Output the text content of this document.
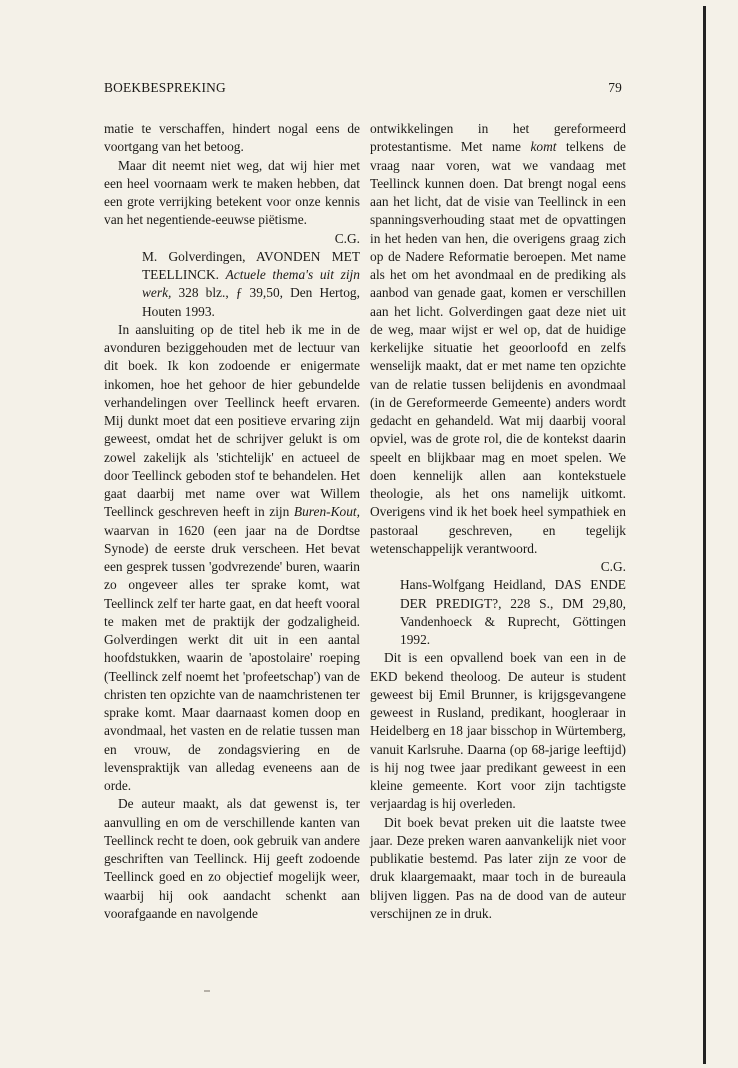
BOEKBESPREKING	79

matie te verschaffen, hindert nogal eens de voortgang van het betoog.

Maar dit neemt niet weg, dat wij hier met een heel voornaam werk te maken hebben, dat een grote verrijking betekent voor onze kennis van het negentiende-eeuwse piëtisme.

C.G.

M. Golverdingen, AVONDEN MET TEELLINCK. Actuele thema's uit zijn werk, 328 blz., ƒ 39,50, Den Hertog, Houten 1993.

In aansluiting op de titel heb ik me in de avonduren beziggehouden met de lectuur van dit boek. Ik kon zodoende er enigermate inkomen, hoe het gehoor de hier gebundelde verhandelingen over Teellinck heeft ervaren. Mij dunkt moet dat een positieve ervaring zijn geweest, omdat het de schrijver gelukt is om zowel zakelijk als 'stichtelijk' en actueel de door Teellinck geboden stof te behandelen. Het gaat daarbij met name over wat Willem Teellinck geschreven heeft in zijn Buren-Kout, waarvan in 1620 (een jaar na de Dordtse Synode) de eerste druk verscheen. Het bevat een gesprek tussen 'godvrezende' buren, waarin zo ongeveer alles ter sprake komt, wat Teellinck zelf ter harte gaat, en dat heeft vooral te maken met de praktijk der godzaligheid. Golverdingen werkt dit uit in een aantal hoofdstukken, waarin de 'apostolaire' roeping (Teellinck zelf noemt het 'profeetschap') van de christen ten opzichte van de naamchristenen ter sprake komt. Maar daarnaast komen doop en avondmaal, het vasten en de relatie tussen man en vrouw, de zondagsviering en de levenspraktijk van alledag eveneens aan de orde.

De auteur maakt, als dat gewenst is, ter aanvulling en om de verschillende kanten van Teellinck recht te doen, ook gebruik van andere geschriften van Teellinck. Hij geeft zodoende Teellinck goed en zo objectief mogelijk weer, waarbij hij ook aandacht schenkt aan voorafgaande en navolgende

ontwikkelingen in het gereformeerd protestantisme. Met name komt telkens de vraag naar voren, wat we vandaag met Teellinck kunnen doen. Dat brengt nogal eens aan het licht, dat de visie van Teellinck in een spanningsverhouding staat met de opvattingen in het heden van hen, die overigens graag zich op de Nadere Reformatie beroepen. Met name als het om het avondmaal en de prediking als aanbod van genade gaat, komen er verschillen aan het licht. Golverdingen gaat deze niet uit de weg, maar wijst er wel op, dat de huidige kerkelijke situatie het geoorloofd en zelfs wenselijk maakt, dat er met name ten opzichte van de relatie tussen belijdenis en avondmaal (in de Gereformeerde Gemeente) anders wordt gedacht en gehandeld. Wat mij daarbij vooral opviel, was de grote rol, die de kontekst daarin speelt en blijkbaar mag en moet spelen. We doen kennelijk allen aan kontekstuele theologie, als het ons namelijk uitkomt. Overigens vind ik het boek heel sympathiek en pastoraal geschreven, en tegelijk wetenschappelijk verantwoord.

C.G.

Hans-Wolfgang Heidland, DAS ENDE DER PREDIGT?, 228 S., DM 29,80, Vandenhoeck & Ruprecht, Göttingen 1992.

Dit is een opvallend boek van een in de EKD bekend theoloog. De auteur is student geweest bij Emil Brunner, is krijgsgevangene geweest in Rusland, predikant, hoogleraar in Heidelberg en 18 jaar bisschop in Würtemberg, vanuit Karlsruhe. Daarna (op 68-jarige leeftijd) is hij nog twee jaar predikant geweest in een kleine gemeente. Kort voor zijn tachtigste verjaardag is hij overleden.

Dit boek bevat preken uit die laatste twee jaar. Deze preken waren aanvankelijk niet voor publikatie bestemd. Pas later zijn ze voor de druk klaargemaakt, maar toch in de bureaula blijven liggen. Pas na de dood van de auteur verschijnen ze in druk.
